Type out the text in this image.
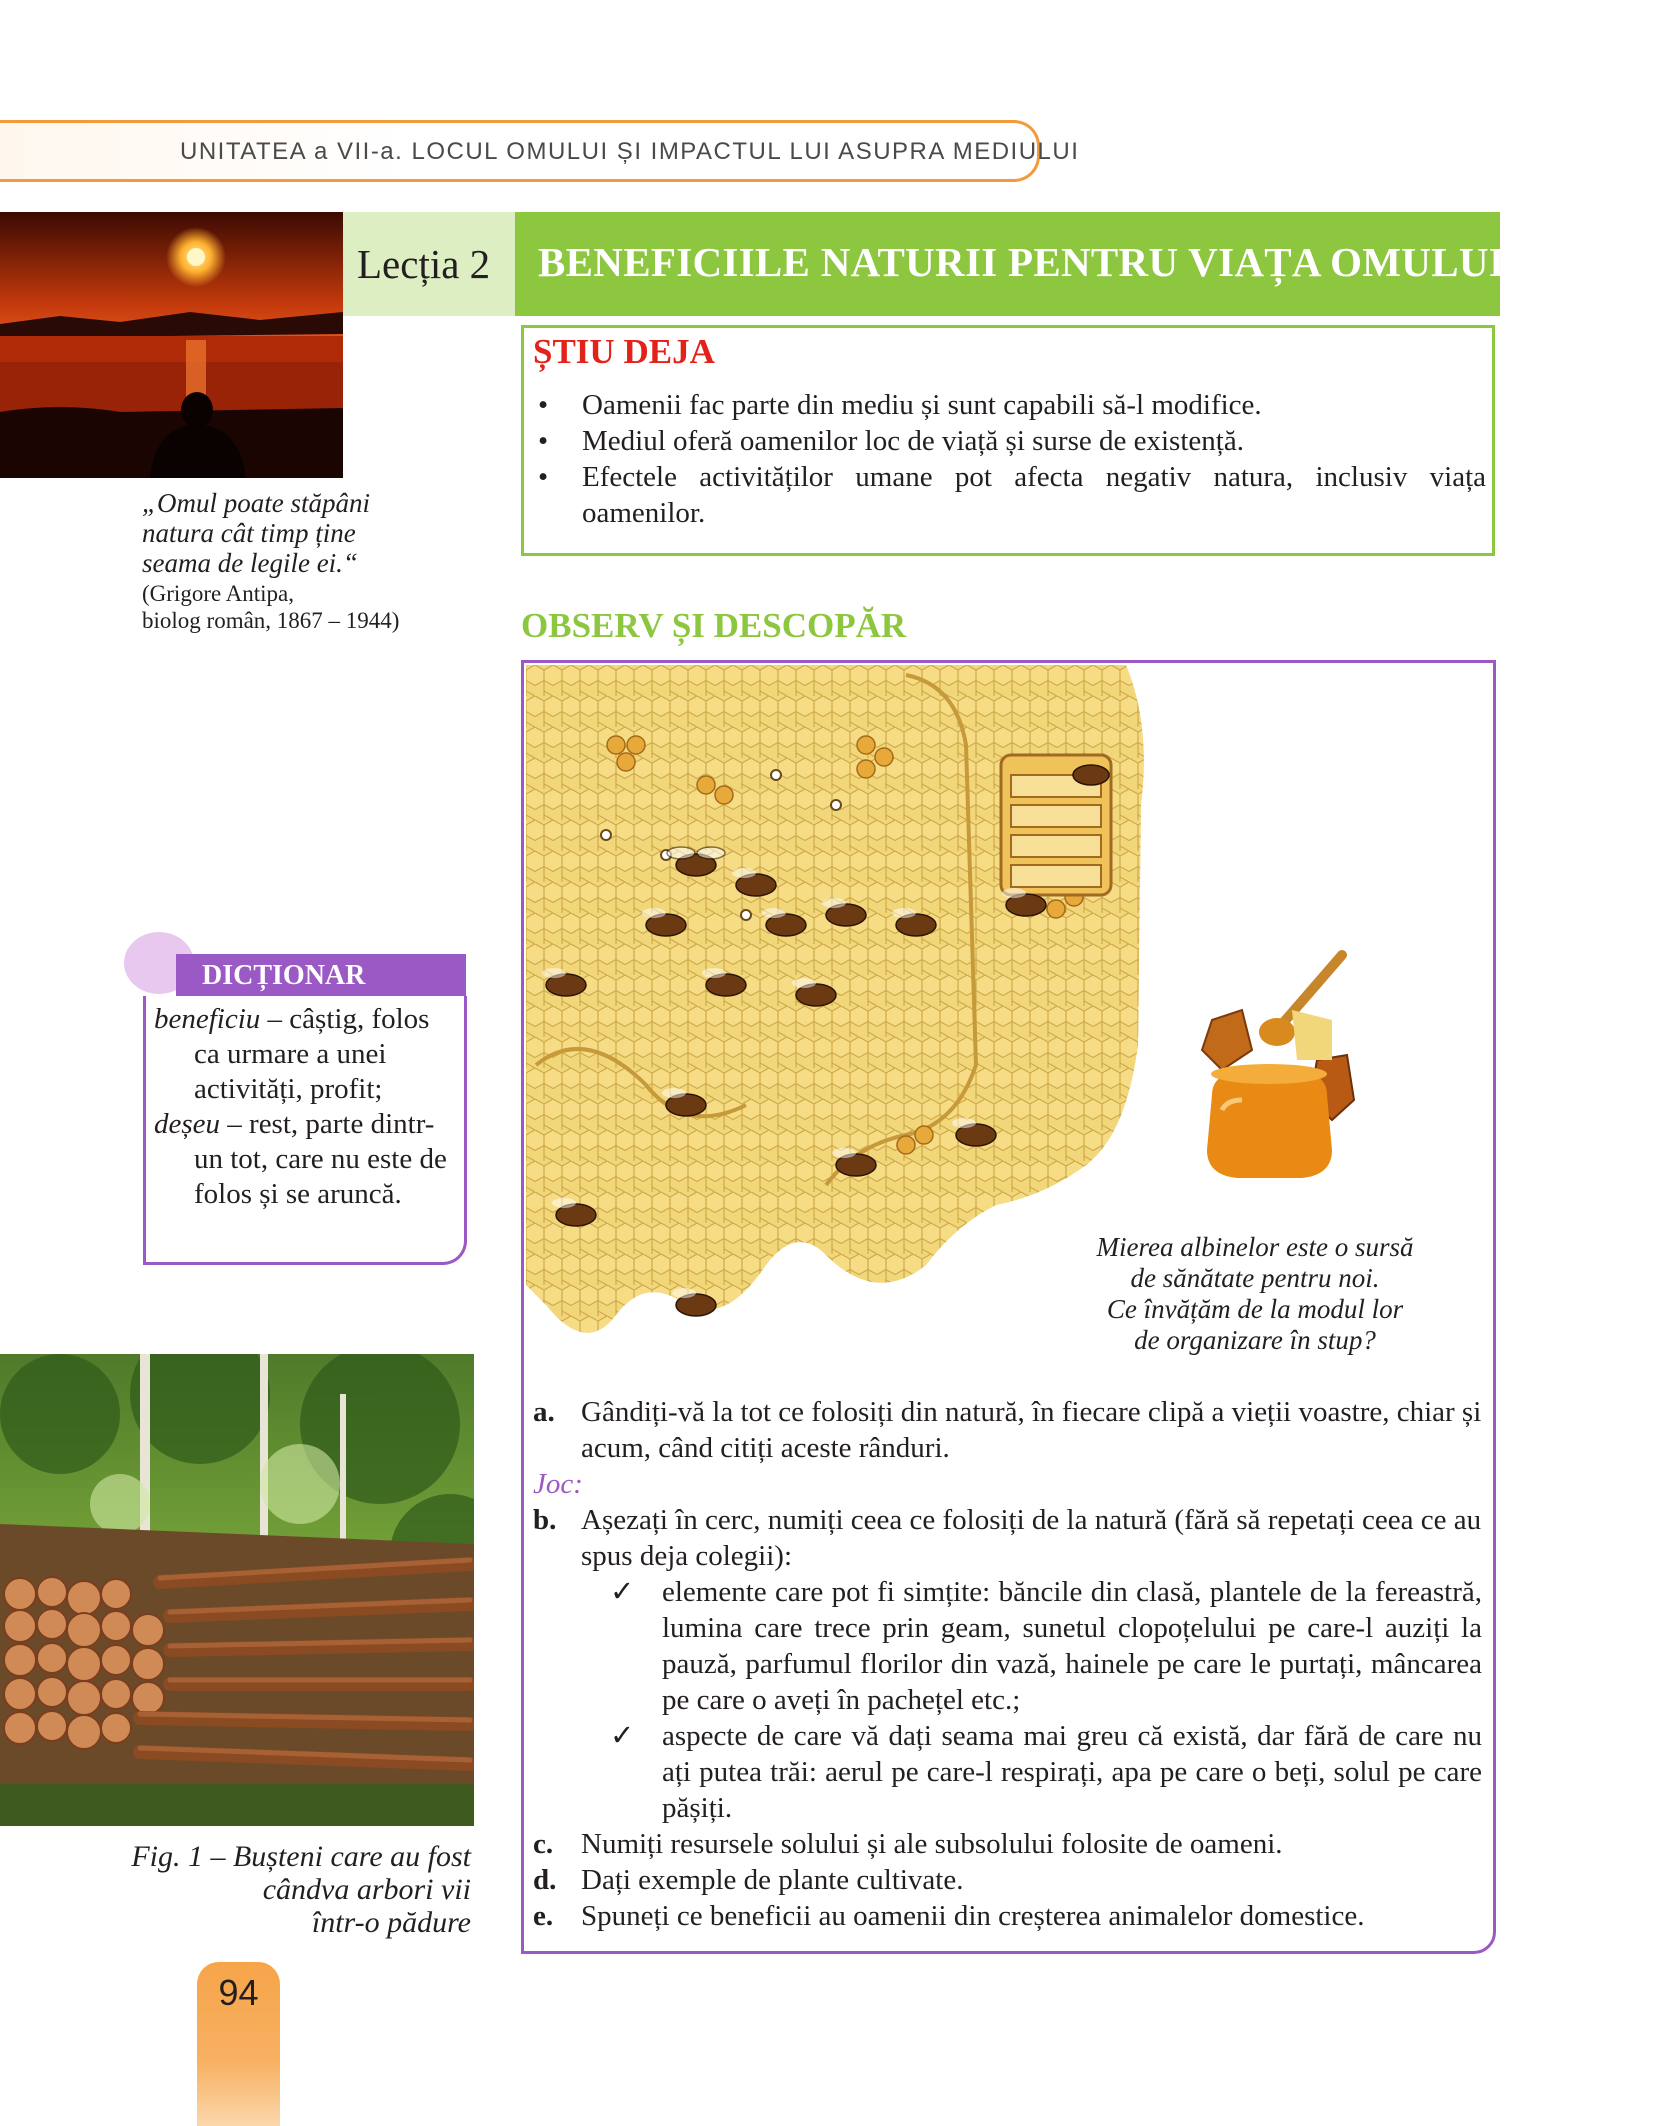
UNITATEA a VII-a. LOCUL OMULUI ȘI IMPACTUL LUI ASUPRA MEDIULUI
Lecția 2 BENEFICIILE NATURII PENTRU VIAȚA OMULUI
„Omul poate stăpâni
natura cât timp ține
seama de legile ei.“
(Grigore Antipa,
biolog român, 1867 – 1944)
ȘTIU DEJA
• Oamenii fac parte din mediu și sunt capabili să-l modifice.
• Mediul oferă oamenilor loc de viață și surse de existență.
• Efectele activităților umane pot afecta negativ natura, inclusiv viața oamenilor.
OBSERV ȘI DESCOPĂR
Mierea albinelor este o sursă
de sănătate pentru noi.
Ce învățăm de la modul lor
de organizare în stup?
a. Gândiți-vă la tot ce folosiți din natură, în fiecare clipă a vieții voastre, chiar și acum, când citiți aceste rânduri.
Joc:
b. Așezați în cerc, numiți ceea ce folosiți de la natură (fără să repetați ceea ce au spus deja colegii):
✓ elemente care pot fi simțite: băncile din clasă, plantele de la fereastră, lumina care trece prin geam, sunetul clopoțelului pe care-l auziți la pauză, parfumul florilor din vază, hainele pe care le purtați, mâncarea pe care o aveți în pachețel etc.;
✓ aspecte de care vă dați seama mai greu că există, dar fără de care nu ați putea trăi: aerul pe care-l respirați, apa pe care o beți, solul pe care pășiți.
c. Numiți resursele solului și ale subsolului folosite de oameni.
d. Dați exemple de plante cultivate.
e. Spuneți ce beneficii au oamenii din creșterea animalelor domestice.
DICȚIONAR
beneficiu – câștig, folos ca urmare a unei activități, profit;
deșeu – rest, parte dintr-un tot, care nu este de folos și se aruncă.
Fig. 1 – Bușteni care au fost
cândva arbori vii
într-o pădure
94
